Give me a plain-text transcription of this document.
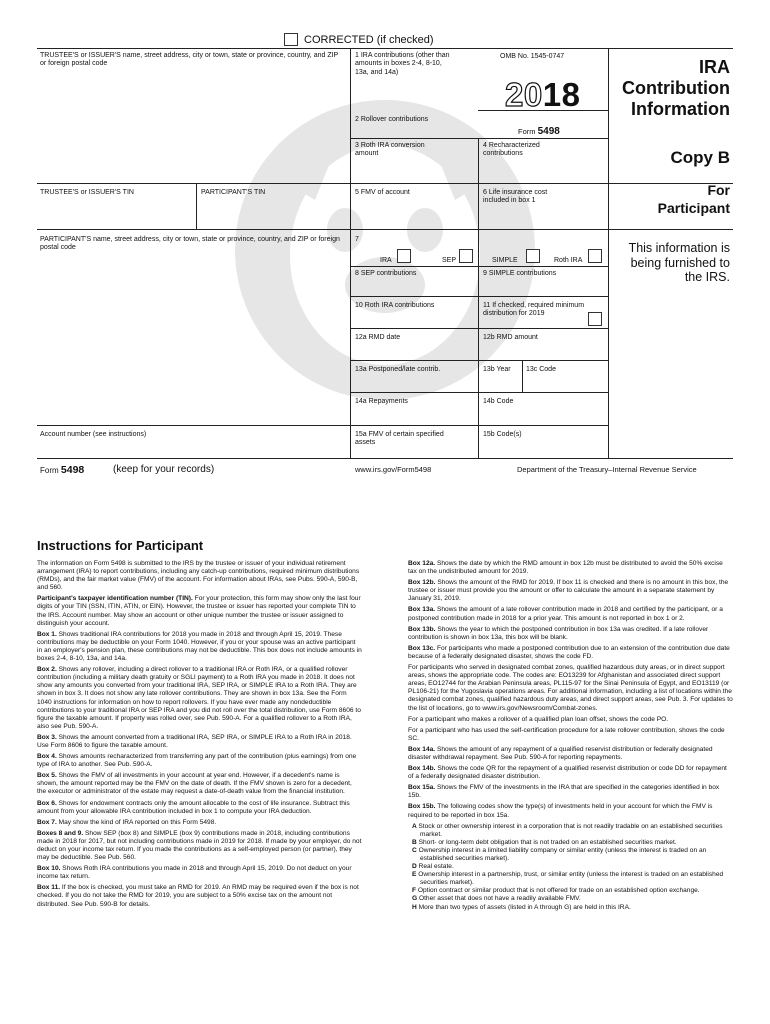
CORRECTED (if checked)
TRUSTEE'S or ISSUER'S name, street address, city or town, state or province, country, and ZIP or foreign postal code
TRUSTEE'S or ISSUER'S TIN	PARTICIPANT'S TIN
PARTICIPANT'S name, street address, city or town, state or province, country, and ZIP or foreign postal code
Account number (see instructions)
1 IRA contributions (other than amounts in boxes 2-4, 8-10, 13a, and 14a)
OMB No. 1545-0747
2018
2 Rollover contributions
Form 5498
3 Roth IRA conversion amount
4 Recharacterized contributions
5 FMV of account	6 Life insurance cost included in box 1
7
IRA	SEP	SIMPLE	Roth IRA
8 SEP contributions	9 SIMPLE contributions
10 Roth IRA contributions	11 If checked, required minimum distribution for 2019
12a RMD date	12b RMD amount
13a Postponed/late contrib.	13b Year 13c Code
14a Repayments	14b Code
15a FMV of certain specified assets
15b Code(s)
IRA Contribution Information
Copy B
For Participant
This information is being furnished to the IRS.
Form 5498	(keep for your records)	www.irs.gov/Form5498	Department of the Treasury–Internal Revenue Service
Instructions for Participant

The information on Form 5498 is submitted to the IRS by the trustee or issuer of your individual retirement arrangement (IRA) to report contributions, including any catch-up contributions, required minimum distributions (RMDs), and the fair market value (FMV) of the account. For information about IRAs, see Pubs. 590-A, 590-B, and 560.

Participant's taxpayer identification number (TIN). For your protection, this form may show only the last four digits of your TIN (SSN, ITIN, ATIN, or EIN). However, the trustee or issuer has reported your complete TIN to the IRS. Account number. May show an account or other unique number the trustee or issuer assigned to distinguish your account.

Box 1. Shows traditional IRA contributions for 2018 you made in 2018 and through April 15, 2019. These contributions may be deductible on your Form 1040. However, if you or your spouse was an active participant in an employer's pension plan, these contributions may not be deductible. This box does not include amounts in boxes 2-4, 8-10, 13a, and 14a.

Box 2. Shows any rollover, including a direct rollover to a traditional IRA or Roth IRA, or a qualified rollover contribution (including a military death gratuity or SGLI payment) to a Roth IRA you made in 2018. It does not show any amounts you converted from your traditional IRA, SEP IRA, or SIMPLE IRA to a Roth IRA. They are shown in box 3. It does not show any late rollover contributions. They are shown in box 13a. See the Form 1040 instructions for information on how to report rollovers. If you have ever made any nondeductible contributions to your traditional IRA or SEP IRA and you did not roll over the total distribution, use Form 8606 to figure the taxable amount. If property was rolled over, see Pub. 590-A. For a qualified rollover to a Roth IRA, also see Pub. 590-A.

Box 3. Shows the amount converted from a traditional IRA, SEP IRA, or SIMPLE IRA to a Roth IRA in 2018. Use Form 8606 to figure the taxable amount.

Box 4. Shows amounts recharacterized from transferring any part of the contribution (plus earnings) from one type of IRA to another. See Pub. 590-A.

Box 5. Shows the FMV of all investments in your account at year end. However, if a decedent's name is shown, the amount reported may be the FMV on the date of death. If the FMV shown is zero for a decedent, the executor or administrator of the estate may request a date-of-death value from the financial institution.

Box 6. Shows for endowment contracts only the amount allocable to the cost of life insurance. Subtract this amount from your allowable IRA contribution included in box 1 to compute your IRA deduction.

Box 7. May show the kind of IRA reported on this Form 5498.

Boxes 8 and 9. Show SEP (box 8) and SIMPLE (box 9) contributions made in 2018, including contributions made in 2018 for 2017, but not including contributions made in 2019 for 2018. If made by your employer, do not deduct on your income tax return. If you made the contributions as a self-employed person (or partner), they may be deductible. See Pub. 560.

Box 10. Shows Roth IRA contributions you made in 2018 and through April 15, 2019. Do not deduct on your income tax return.

Box 11. If the box is checked, you must take an RMD for 2019. An RMD may be required even if the box is not checked. If you do not take the RMD for 2019, you are subject to a 50% excise tax on the amount not distributed. See Pub. 590-B for details.

Box 12a. Shows the date by which the RMD amount in box 12b must be distributed to avoid the 50% excise tax on the undistributed amount for 2019.

Box 12b. Shows the amount of the RMD for 2019. If box 11 is checked and there is no amount in this box, the trustee or issuer must provide you the amount or offer to calculate the amount in a separate statement by January 31, 2019.

Box 13a. Shows the amount of a late rollover contribution made in 2018 and certified by the participant, or a postponed contribution made in 2018 for a prior year. This amount is not reported in box 1 or 2.

Box 13b. Shows the year to which the postponed contribution in box 13a was credited. If a late rollover contribution is shown in box 13a, this box will be blank.

Box 13c. For participants who made a postponed contribution due to an extension of the contribution due date because of a federally designated disaster, shows the code FD.

For participants who served in designated combat zones, qualified hazardous duty areas, or in direct support areas, shows the appropriate code. The codes are: EO13239 for Afghanistan and associated direct support areas, EO12744 for the Arabian Peninsula areas, PL115-97 for the Sinai Peninsula of Egypt, and EO13119 (or PL106-21) for the Yugoslavia operations areas. For additional information, including a list of locations within the designated combat zones, qualified hazardous duty areas, and direct support areas, see Pub. 3. For updates to the list of locations, go to www.irs.gov/Newsroom/Combat-zones.

For a participant who makes a rollover of a qualified plan loan offset, shows the code PO.

For a participant who has used the self-certification procedure for a late rollover contribution, shows the code SC.

Box 14a. Shows the amount of any repayment of a qualified reservist distribution or federally designated disaster withdrawal repayment. See Pub. 590-A for reporting repayments.

Box 14b. Shows the code QR for the repayment of a qualified reservist distribution or code DD for repayment of a federally designated disaster distribution.

Box 15a. Shows the FMV of the investments in the IRA that are specified in the categories identified in box 15b.

Box 15b. The following codes show the type(s) of investments held in your account for which the FMV is required to be reported in box 15a.

A Stock or other ownership interest in a corporation that is not readily tradable on an established securities market.
B Short- or long-term debt obligation that is not traded on an established securities market.
C Ownership interest in a limited liability company or similar entity (unless the interest is traded on an established securities market).
D Real estate.
E Ownership interest in a partnership, trust, or similar entity (unless the interest is traded on an established securities market).
F Option contract or similar product that is not offered for trade on an established option exchange.
G Other asset that does not have a readily available FMV.
H More than two types of assets (listed in A through G) are held in this IRA.
